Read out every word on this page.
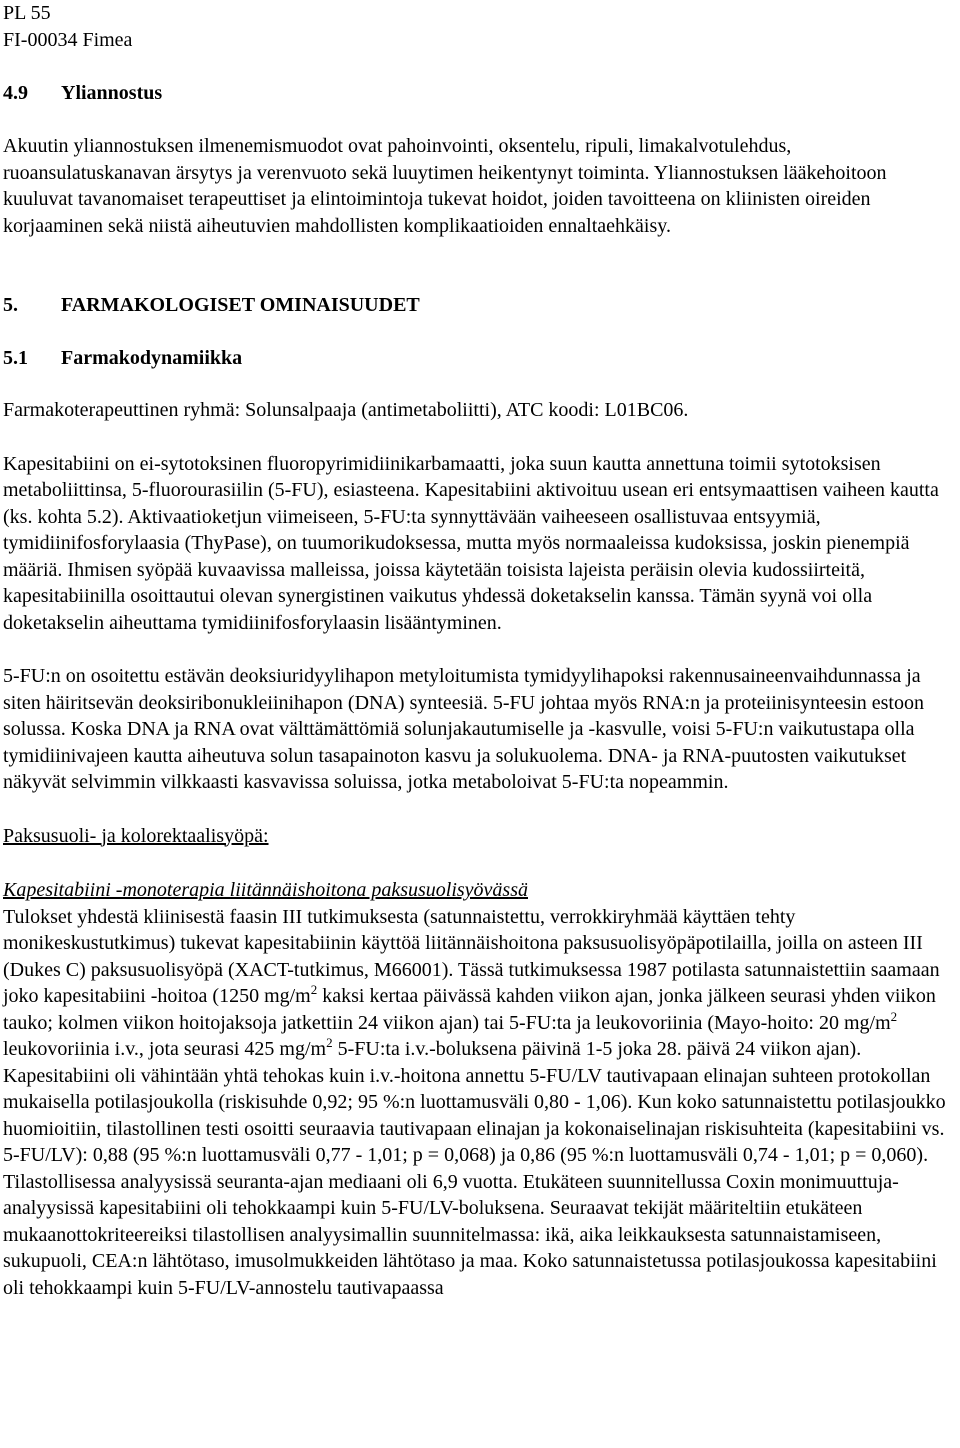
PL 55

FI-00034 Fimea

4.9 Yliannostus

Akuutin yliannostuksen ilmenemismuodot ovat pahoinvointi, oksentelu, ripuli, limakalvotulehdus, ruoansulatuskanavan ärsytys ja verenvuoto sekä luuytimen heikentynyt toiminta. Yliannostuksen lääkehoitoon kuuluvat tavanomaiset terapeuttiset ja elintoimintoja tukevat hoidot, joiden tavoitteena on kliinisten oireiden korjaaminen sekä niistä aiheutuvien mahdollisten komplikaatioiden ennaltaehkäisy.

5. FARMAKOLOGISET OMINAISUUDET

5.1 Farmakodynamiikka

Farmakoterapeuttinen ryhmä: Solunsalpaaja (antimetaboliitti), ATC koodi: L01BC06.

Kapesitabiini on ei-sytotoksinen fluoropyrimidiinikarbamaatti, joka suun kautta annettuna toimii sytotoksisen metaboliittinsa, 5-fluorourasiilin (5-FU), esiasteena. Kapesitabiini aktivoituu usean eri entsymaattisen vaiheen kautta (ks. kohta 5.2). Aktivaatioketjun viimeiseen, 5-FU:ta synnyttävään vaiheeseen osallistuvaa entsyymiä, tymidiinifosforylaasia (ThyPase), on tuumorikudoksessa, mutta myös normaaleissa kudoksissa, joskin pienempiä määriä. Ihmisen syöpää kuvaavissa malleissa, joissa käytetään toisista lajeista peräisin olevia kudossiirteitä, kapesitabiinilla osoittautui olevan synergistinen vaikutus yhdessä doketakselin kanssa. Tämän syynä voi olla doketakselin aiheuttama tymidiinifosforylaasin lisääntyminen.

5-FU:n on osoitettu estävän deoksiuridyylihapon metyloitumista tymidyylihapoksi rakennusaineenvaihdunnassa ja siten häiritsevän deoksiribonukleiinihapon (DNA) synteesiä. 5-FU johtaa myös RNA:n ja proteiinisynteesin estoon solussa. Koska DNA ja RNA ovat välttämättömiä solunjakautumiselle ja -kasvulle, voisi 5-FU:n vaikutustapa olla tymidiinivajeen kautta aiheutuva solun tasapainoton kasvu ja solukuolema. DNA- ja RNA-puutosten vaikutukset näkyvät selvimmin vilkkaasti kasvavissa soluissa, jotka metaboloivat 5-FU:ta nopeammin.

Paksusuoli- ja kolorektaalisyöpä:

Kapesitabiini -monoterapia liitännäishoitona paksusuolisyövässä

Tulokset yhdestä kliinisestä faasin III tutkimuksesta (satunnaistettu, verrokkiryhmää käyttäen tehty monikeskustutkimus) tukevat kapesitabiinin käyttöä liitännäishoitona paksusuolisyöpäpotilailla, joilla on asteen III (Dukes C) paksusuolisyöpä (XACT-tutkimus, M66001). Tässä tutkimuksessa 1987 potilasta satunnaistettiin saamaan joko kapesitabiini -hoitoa (1250 $mg/m^2$ kaksi kertaa päivässä kahden viikon ajan, jonka jälkeen seurasi yhden viikon tauko; kolmen viikon hoitojaksoja jatkettiin 24 viikon ajan) tai 5-FU:ta ja leukovoriinia (Mayo-hoito: 20 $mg/m^2$ leukovoriinia i.v., jota seurasi 425 $mg/m^2$ 5-FU:ta i.v.-boluksena päivinä 1-5 joka 28. päivä 24 viikon ajan). Kapesitabiini oli vähintään yhtä tehokas kuin i.v.-hoitona annettu 5-FU/LV tautivapaan elinajan suhteen protokollan mukaisella potilasjoukolla (riskisuhde 0,92; 95 %:n luottamusväli 0,80 - 1,06). Kun koko satunnaistettu potilasjoukko huomioitiin, tilastollinen testi osoitti seuraavia tautivapaan elinajan ja kokonaiselinajan riskisuhteita (kapesitabiini vs. 5-FU/LV): 0,88 (95 %:n luottamusväli 0,77 - 1,01; p = 0,068) ja 0,86 (95 %:n luottamusväli 0,74 - 1,01; p = 0,060). Tilastollisessa analyysissä seuranta-ajan mediaani oli 6,9 vuotta. Etukäteen suunnitellussa Coxin monimuuttuja-analyysissä kapesitabiini oli tehokkaampi kuin 5-FU/LV-boluksena. Seuraavat tekijät määriteltiin etukäteen mukaanottokriteereiksi tilastollisen analyysimallin suunnitelmassa: ikä, aika leikkauksesta satunnaistamiseen, sukupuoli, CEA:n lähtötaso, imusolmukkeiden lähtötaso ja maa. Koko satunnaistetussa potilasjoukossa kapesitabiini oli tehokkaampi kuin 5-FU/LV-annostelu tautivapaassa
